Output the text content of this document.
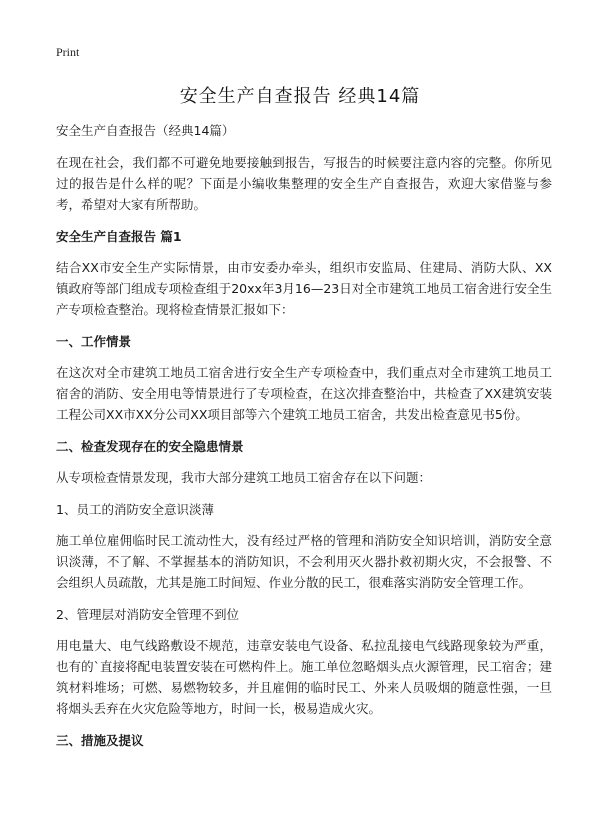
Print
安全生产自查报告 经典14篇

安全生产自查报告（经典14篇）

在现在社会，我们都不可避免地要接触到报告，写报告的时候要注意内容的完整。你所见过的报告是什么样的呢？下面是小编收集整理的安全生产自查报告，欢迎大家借鉴与参考，希望对大家有所帮助。

安全生产自查报告 篇1

结合XX市安全生产实际情景，由市安委办牵头，组织市安监局、住建局、消防大队、XX镇政府等部门组成专项检查组于20xx年3月16—23日对全市建筑工地员工宿舍进行安全生产专项检查整治。现将检查情景汇报如下：

一、工作情景

在这次对全市建筑工地员工宿舍进行安全生产专项检查中，我们重点对全市建筑工地员工宿舍的消防、安全用电等情景进行了专项检查，在这次排查整治中，共检查了XX建筑安装工程公司XX市XX分公司XX项目部等六个建筑工地员工宿舍，共发出检查意见书5份。

二、检查发现存在的安全隐患情景

从专项检查情景发现，我市大部分建筑工地员工宿舍存在以下问题：

1、员工的消防安全意识淡薄

施工单位雇佣临时民工流动性大，没有经过严格的管理和消防安全知识培训，消防安全意识淡薄，不了解、不掌握基本的消防知识，不会利用灭火器扑救初期火灾，不会报警、不会组织人员疏散，尤其是施工时间短、作业分散的民工，很难落实消防安全管理工作。

2、管理层对消防安全管理不到位

用电量大、电气线路敷设不规范，违章安装电气设备、私拉乱接电气线路现象较为严重，也有的`直接将配电装置安装在可燃构件上。施工单位忽略烟头点火源管理，民工宿舍；建筑材料堆场；可燃、易燃物较多，并且雇佣的临时民工、外来人员吸烟的随意性强，一旦将烟头丢弃在火灾危险等地方，时间一长，极易造成火灾。

三、措施及提议
